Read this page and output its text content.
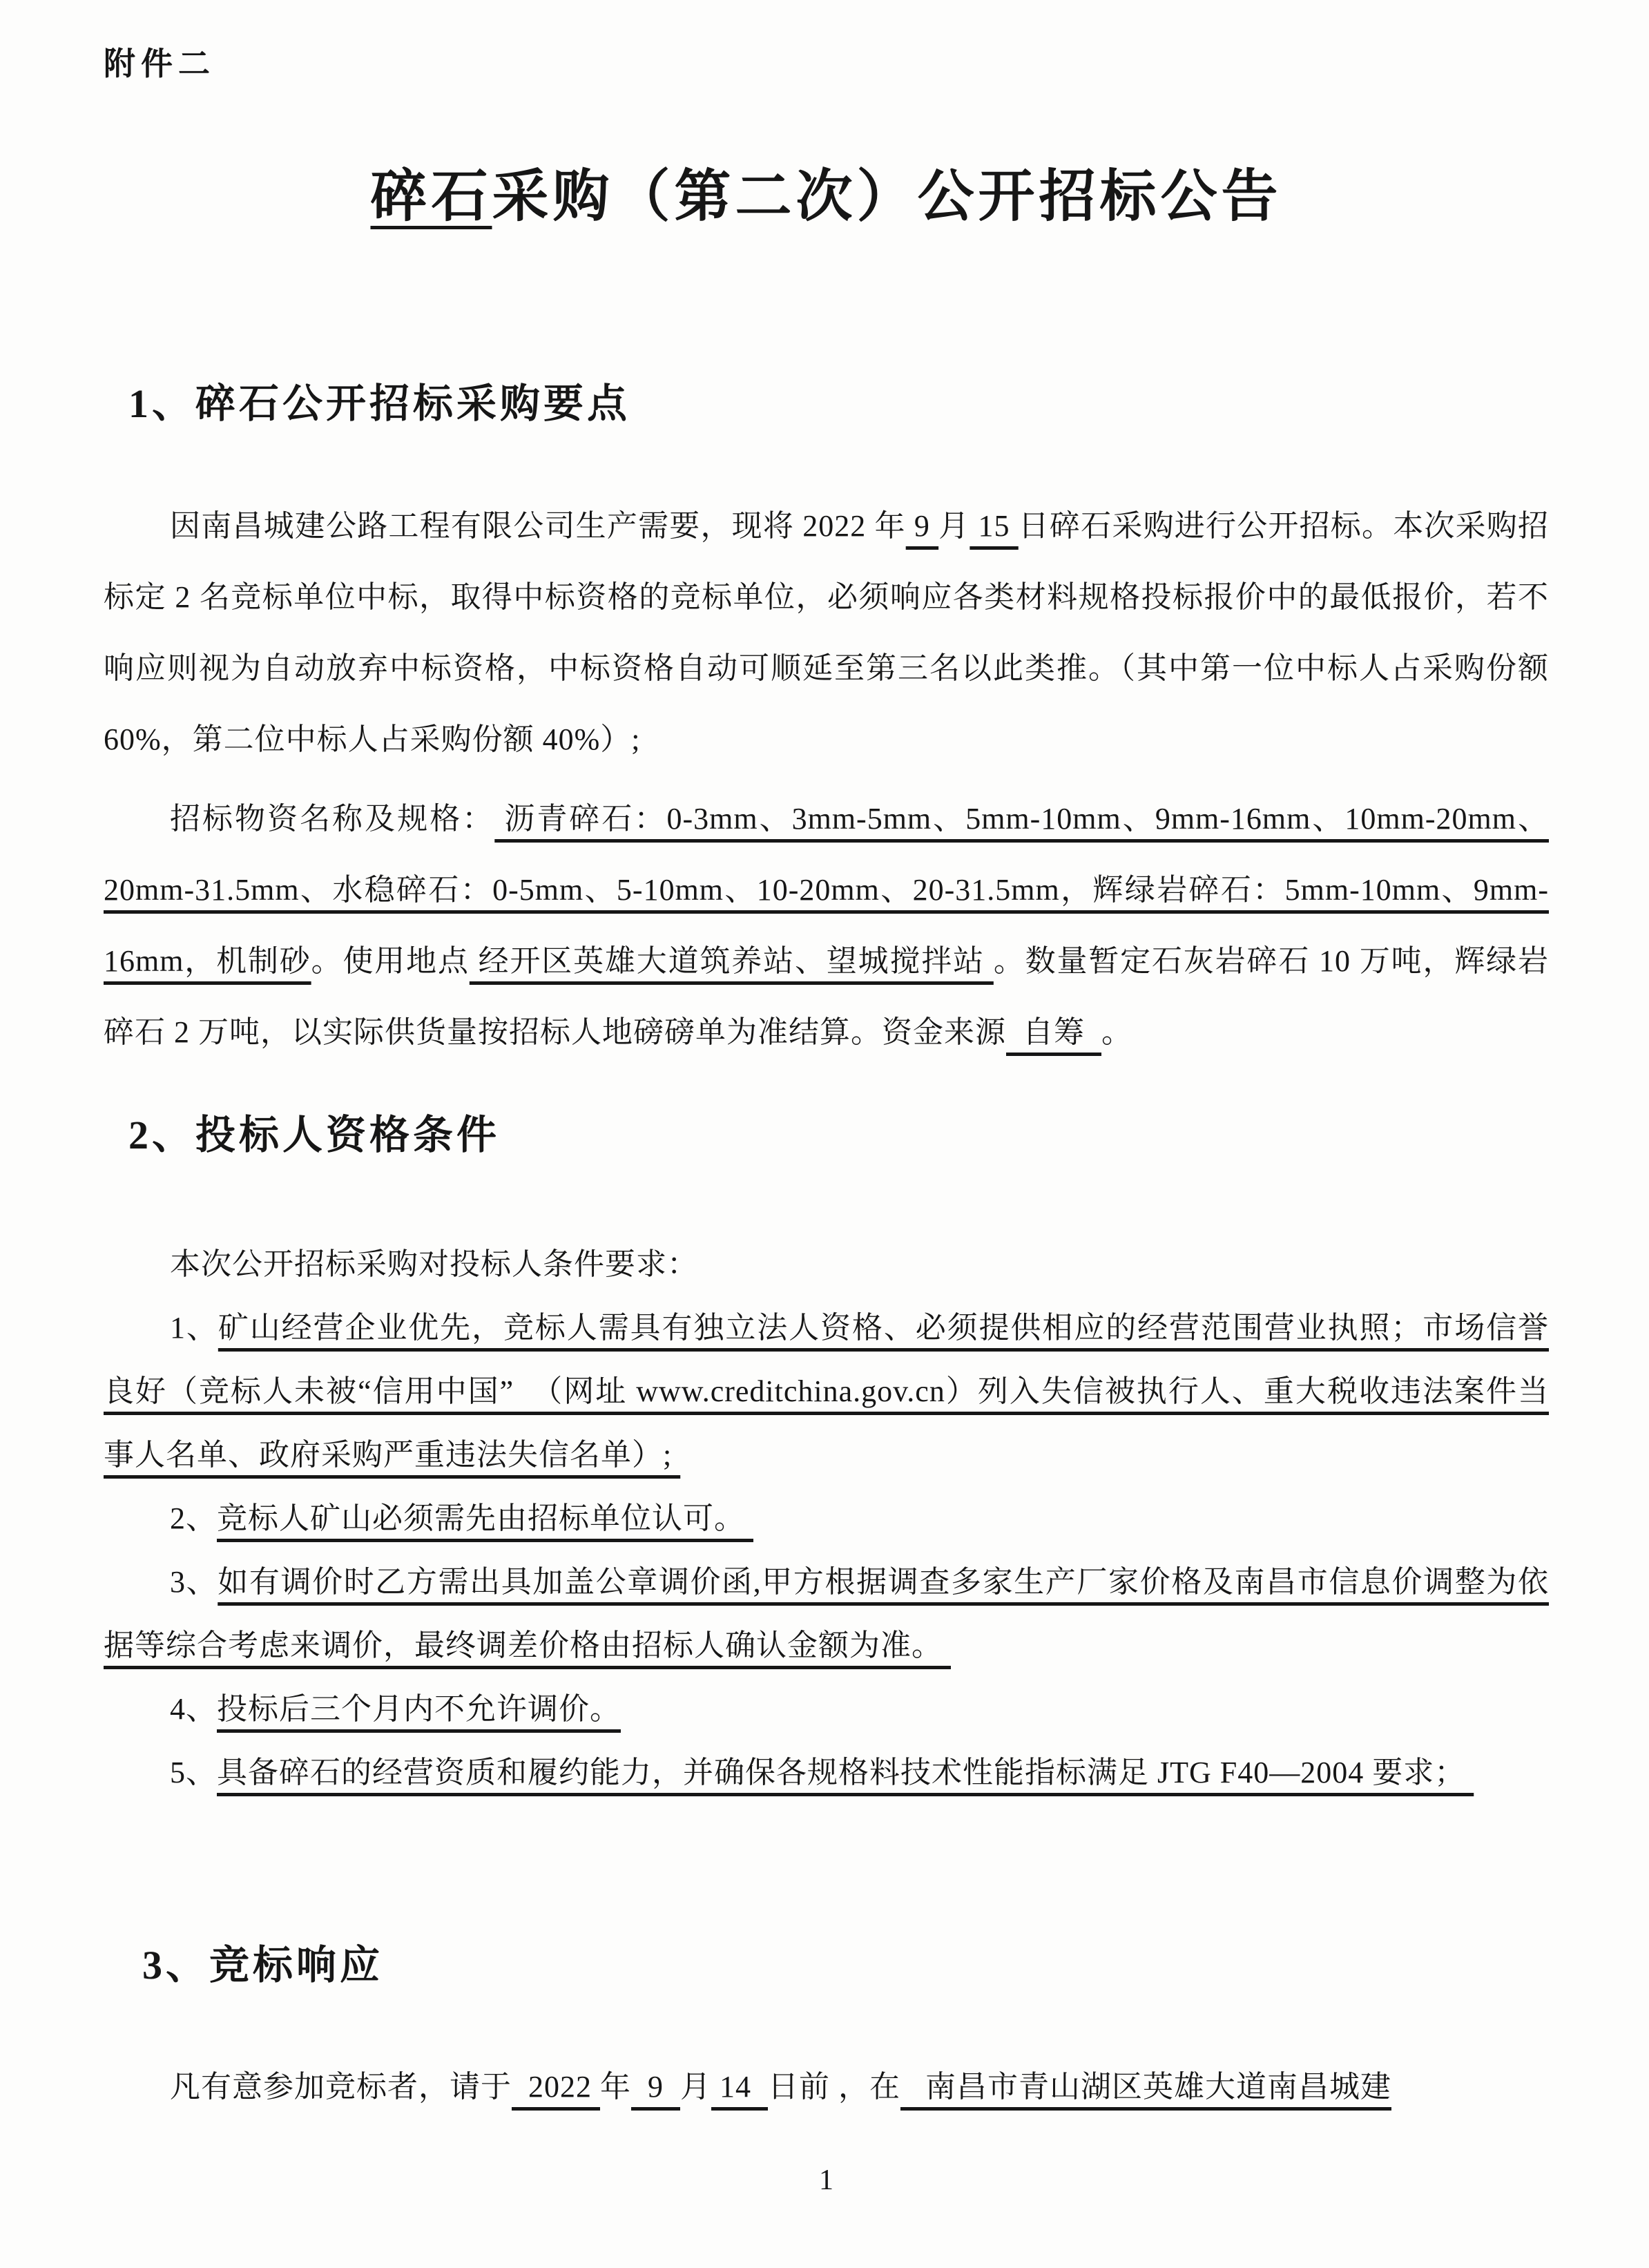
附件二
碎石采购（第二次）公开招标公告
1、碎石公开招标采购要点

因南昌城建公路工程有限公司生产需要，现将 2022 年 9 月 15 日碎石采购进行公开招标。本次采购招标定 2 名竞标单位中标，取得中标资格的竞标单位，必须响应各类材料规格投标报价中的最低报价，若不响应则视为自动放弃中标资格，中标资格自动可顺延至第三名以此类推。（其中第一位中标人占采购份额 60%，第二位中标人占采购份额 40%）;

招标物资名称及规格： 沥青碎石：0-3mm、3mm-5mm、5mm-10mm、9mm-16mm、10mm-20mm、20mm-31.5mm、水稳碎石：0-5mm、5-10mm、10-20mm、20-31.5mm，辉绿岩碎石：5mm-10mm、9mm-16mm，机制砂。使用地点 经开区英雄大道筑养站、望城搅拌站 。数量暂定石灰岩碎石 10 万吨，辉绿岩碎石 2 万吨，以实际供货量按招标人地磅磅单为准结算。资金来源  自筹  。

2、投标人资格条件

本次公开招标采购对投标人条件要求：

1、矿山经营企业优先，竞标人需具有独立法人资格、必须提供相应的经营范围营业执照；市场信誉良好（竞标人未被“信用中国”  （网址 www.creditchina.gov.cn）列入失信被执行人、重大税收违法案件当事人名单、政府采购严重违法失信名单）;

2、竞标人矿山必须需先由招标单位认可。

3、如有调价时乙方需出具加盖公章调价函,甲方根据调查多家生产厂家价格及南昌市信息价调整为依据等综合考虑来调价，最终调差价格由招标人确认金额为准。

4、投标后三个月内不允许调价。

5、具备碎石的经营资质和履约能力，并确保各规格料技术性能指标满足 JTG F40—2004 要求；

3、竞标响应

凡有意参加竞标者，请于  2022 年  9  月 14  日前 ，在   南昌市青山湖区英雄大道南昌城建

1
